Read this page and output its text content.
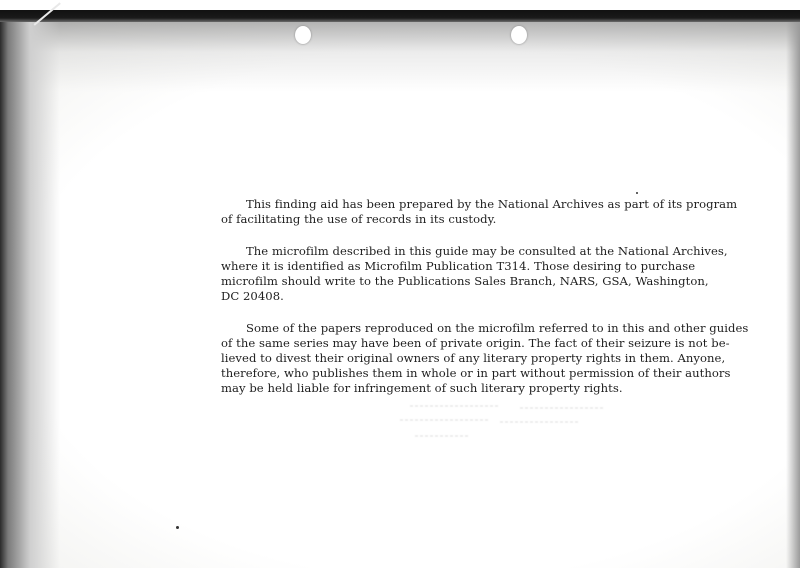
This finding aid has been prepared by the National Archives as part of its program
of facilitating the use of records in its custody.

The microfilm described in this guide may be consulted at the National Archives,
where it is identified as Microfilm Publication T314. Those desiring to purchase
microfilm should write to the Publications Sales Branch, NARS, GSA, Washington,
DC 20408.

Some of the papers reproduced on the microfilm referred to in this and other guides
of the same series may have been of private origin. The fact of their seizure is not be-
lieved to divest their original owners of any literary property rights in them. Anyone,
therefore, who publishes them in whole or in part without permission of their authors
may be held liable for infringement of such literary property rights.
